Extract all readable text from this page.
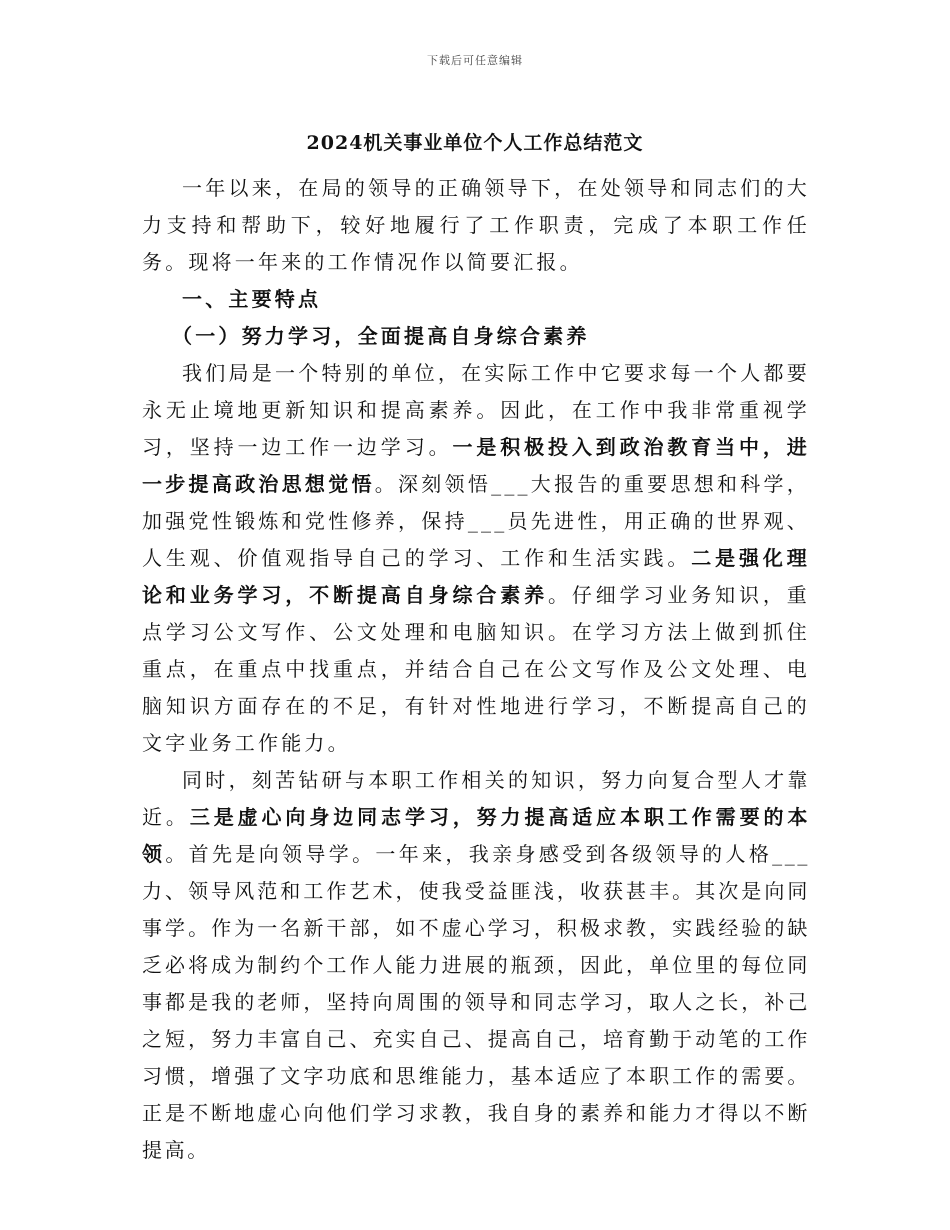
下载后可任意编辑
2024机关事业单位个人工作总结范文

一年以来，在局的领导的正确领导下，在处领导和同志们的大力支持和帮助下，较好地履行了工作职责，完成了本职工作任务。现将一年来的工作情况作以简要汇报。

一、主要特点

（一）努力学习，全面提高自身综合素养

我们局是一个特别的单位，在实际工作中它要求每一个人都要永无止境地更新知识和提高素养。因此，在工作中我非常重视学习，坚持一边工作一边学习。一是积极投入到政治教育当中，进一步提高政治思想觉悟。深刻领悟___大报告的重要思想和科学，加强党性锻炼和党性修养，保持___员先进性，用正确的世界观、人生观、价值观指导自己的学习、工作和生活实践。二是强化理论和业务学习，不断提高自身综合素养。仔细学习业务知识，重点学习公文写作、公文处理和电脑知识。在学习方法上做到抓住重点，在重点中找重点，并结合自己在公文写作及公文处理、电脑知识方面存在的不足，有针对性地进行学习，不断提高自己的文字业务工作能力。

同时，刻苦钻研与本职工作相关的知识，努力向复合型人才靠近。三是虚心向身边同志学习，努力提高适应本职工作需要的本领。首先是向领导学。一年来，我亲身感受到各级领导的人格___力、领导风范和工作艺术，使我受益匪浅，收获甚丰。其次是向同事学。作为一名新干部，如不虚心学习，积极求教，实践经验的缺乏必将成为制约个工作人能力进展的瓶颈，因此，单位里的每位同事都是我的老师，坚持向周围的领导和同志学习，取人之长，补己之短，努力丰富自己、充实自己、提高自己，培育勤于动笔的工作习惯，增强了文字功底和思维能力，基本适应了本职工作的需要。正是不断地虚心向他们学习求教，我自身的素养和能力才得以不断提高。
